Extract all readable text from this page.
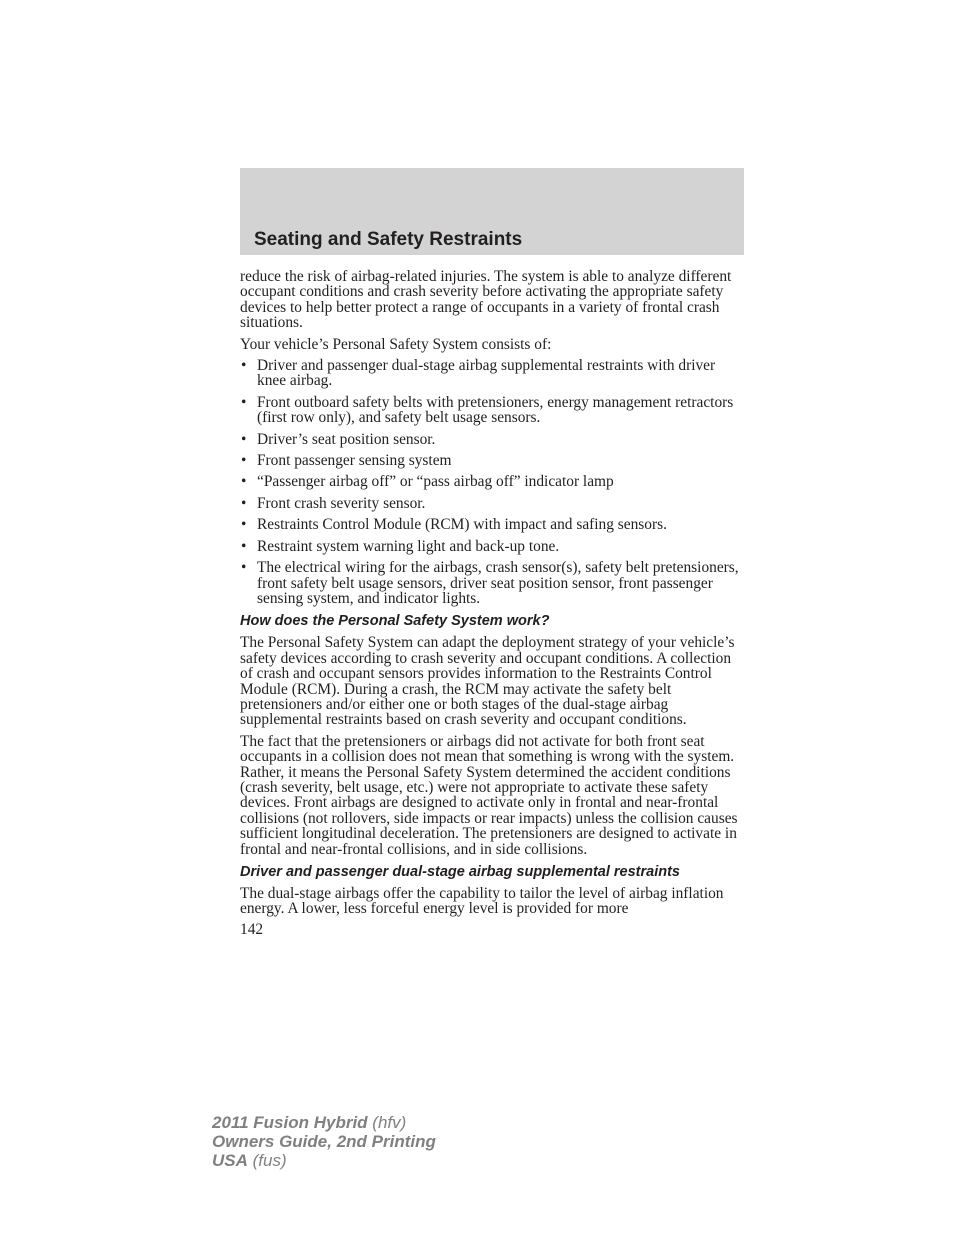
Seating and Safety Restraints

reduce the risk of airbag-related injuries. The system is able to analyze different occupant conditions and crash severity before activating the appropriate safety devices to help better protect a range of occupants in a variety of frontal crash situations.

Your vehicle’s Personal Safety System consists of:

• Driver and passenger dual-stage airbag supplemental restraints with driver knee airbag.
• Front outboard safety belts with pretensioners, energy management retractors (first row only), and safety belt usage sensors.
• Driver’s seat position sensor.
• Front passenger sensing system
• “Passenger airbag off” or “pass airbag off” indicator lamp
• Front crash severity sensor.
• Restraints Control Module (RCM) with impact and safing sensors.
• Restraint system warning light and back-up tone.
• The electrical wiring for the airbags, crash sensor(s), safety belt pretensioners, front safety belt usage sensors, driver seat position sensor, front passenger sensing system, and indicator lights.
How does the Personal Safety System work?

The Personal Safety System can adapt the deployment strategy of your vehicle’s safety devices according to crash severity and occupant conditions. A collection of crash and occupant sensors provides information to the Restraints Control Module (RCM). During a crash, the RCM may activate the safety belt pretensioners and/or either one or both stages of the dual-stage airbag supplemental restraints based on crash severity and occupant conditions.

The fact that the pretensioners or airbags did not activate for both front seat occupants in a collision does not mean that something is wrong with the system. Rather, it means the Personal Safety System determined the accident conditions (crash severity, belt usage, etc.) were not appropriate to activate these safety devices. Front airbags are designed to activate only in frontal and near-frontal collisions (not rollovers, side impacts or rear impacts) unless the collision causes sufficient longitudinal deceleration. The pretensioners are designed to activate in frontal and near-frontal collisions, and in side collisions.

Driver and passenger dual-stage airbag supplemental restraints

The dual-stage airbags offer the capability to tailor the level of airbag inflation energy. A lower, less forceful energy level is provided for more

142
2011 Fusion Hybrid (hfv)
Owners Guide, 2nd Printing
USA (fus)
